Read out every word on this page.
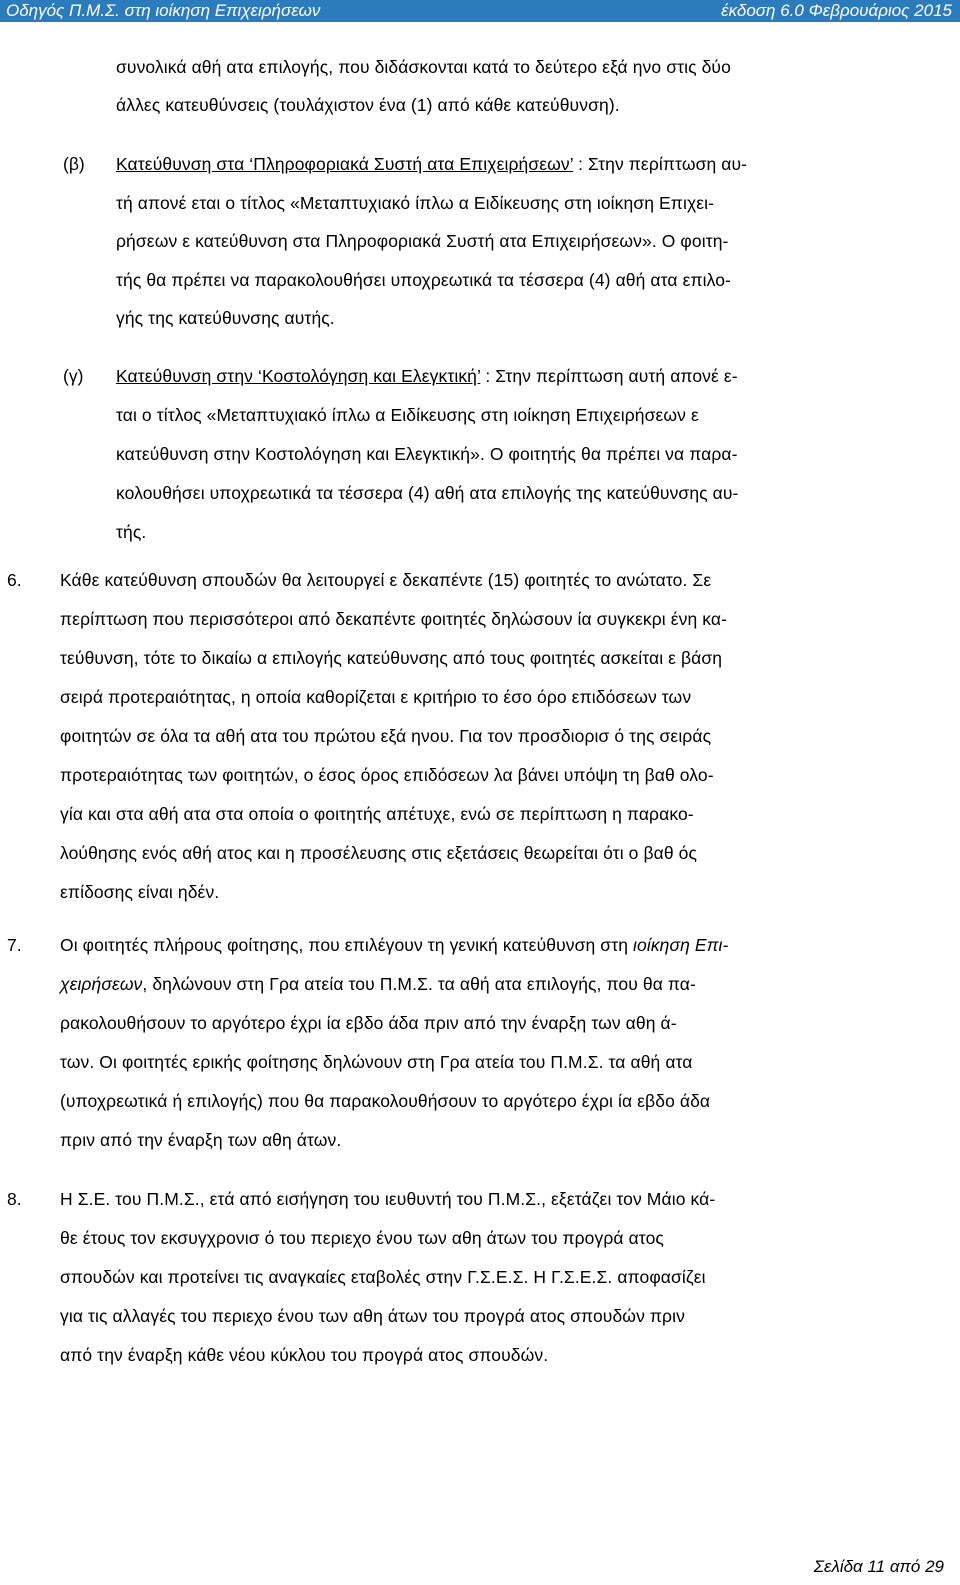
Οδηγός Π.Μ.Σ. στη ιοίκηση Επιχειρήσεων	έκδοση 6.0 Φεβρουάριος 2015
συνολικά αθή ατα επιλογής, που διδάσκονται κατά το δεύτερο εξά ηνο στις δύο
άλλες κατευθύνσεις (τουλάχιστον ένα (1) από κάθε κατεύθυνση).
(β) Κατεύθυνση στα ‘Πληροφοριακά Συστή ατα Επιχειρήσεων’ : Στην περίπτωση αυ-
τή απονέ εται ο τίτλος «Μεταπτυχιακό ίπλω α Ειδίκευσης στη ιοίκηση Επιχει-
ρήσεων ε κατεύθυνση στα Πληροφοριακά Συστή ατα Επιχειρήσεων». Ο φοιτη-
τής θα πρέπει να παρακολουθήσει υποχρεωτικά τα τέσσερα (4) αθή ατα επιλο-
γής της κατεύθυνσης αυτής.
(γ) Κατεύθυνση στην ‘Κοστολόγηση και Ελεγκτική’ : Στην περίπτωση αυτή απονέ ε-
ται ο τίτλος «Μεταπτυχιακό ίπλω α Ειδίκευσης στη ιοίκηση Επιχειρήσεων ε
κατεύθυνση στην Κοστολόγηση και Ελεγκτική». Ο φοιτητής θα πρέπει να παρα-
κολουθήσει υποχρεωτικά τα τέσσερα (4) αθή ατα επιλογής της κατεύθυνσης αυ-
τής.
6. Κάθε κατεύθυνση σπουδών θα λειτουργεί ε δεκαπέντε (15) φοιτητές το ανώτατο. Σε
περίπτωση που περισσότεροι από δεκαπέντε φοιτητές δηλώσουν ία συγκεκρι ένη κα-
τεύθυνση, τότε το δικαίω α επιλογής κατεύθυνσης από τους φοιτητές ασκείται ε βάση
σειρά προτεραιότητας, η οποία καθορίζεται ε κριτήριο το έσο όρο επιδόσεων των
φοιτητών σε όλα τα αθή ατα του πρώτου εξά ηνου. Για τον προσδιορισ ό της σειράς
προτεραιότητας των φοιτητών, ο έσος όρος επιδόσεων λα βάνει υπόψη τη βαθ ολο-
γία και στα αθή ατα στα οποία ο φοιτητής απέτυχε, ενώ σε περίπτωση η παρακο-
λούθησης ενός αθή ατος και η προσέλευσης στις εξετάσεις θεωρείται ότι ο βαθ ός
επίδοσης είναι ηδέν.
7. Οι φοιτητές πλήρους φοίτησης, που επιλέγουν τη γενική κατεύθυνση στη ιοίκηση Επι-
χειρήσεων, δηλώνουν στη Γρα ατεία του Π.Μ.Σ. τα αθή ατα επιλογής, που θα πα-
ρακολουθήσουν το αργότερο έχρι ία εβδο άδα πριν από την έναρξη των αθη ά-
των. Οι φοιτητές ερικής φοίτησης δηλώνουν στη Γρα ατεία του Π.Μ.Σ. τα αθή ατα
(υποχρεωτικά ή επιλογής) που θα παρακολουθήσουν το αργότερο έχρι ία εβδο άδα
πριν από την έναρξη των αθη άτων.
8. Η Σ.Ε. του Π.Μ.Σ., ετά από εισήγηση του ιευθυντή του Π.Μ.Σ., εξετάζει τον Μάιο κά-
θε έτους τον εκσυγχρονισ ό του περιεχο ένου των αθη άτων του προγρά ατος
σπουδών και προτείνει τις αναγκαίες εταβολές στην Γ.Σ.Ε.Σ. Η Γ.Σ.Ε.Σ. αποφασίζει
για τις αλλαγές του περιεχο ένου των αθη άτων του προγρά ατος σπουδών πριν
από την έναρξη κάθε νέου κύκλου του προγρά ατος σπουδών.
Σελίδα 11 από 29
